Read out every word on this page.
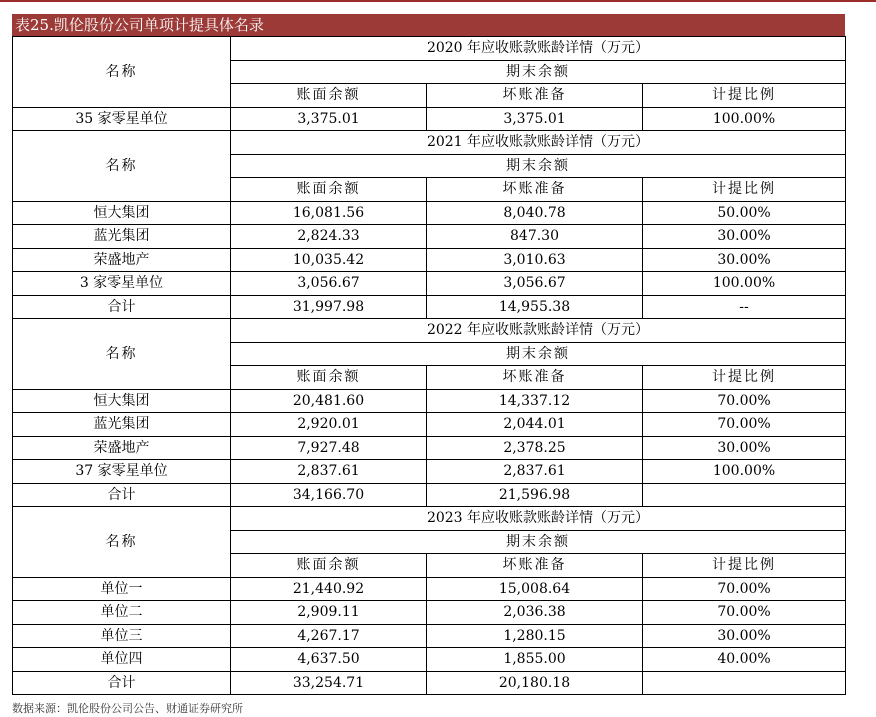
表25.凯伦股份公司单项计提具体名录
名称	2020 年应收账款账龄详情（万元）		
	期末余额		
	账面余额	坏账准备	计提比例
35 家零星单位	3,375.01	3,375.01	100.00%
名称	2021 年应收账款账龄详情（万元）		
	期末余额		
	账面余额	坏账准备	计提比例
恒大集团	16,081.56	8,040.78	50.00%
蓝光集团	2,824.33	847.30	30.00%
荣盛地产	10,035.42	3,010.63	30.00%
3 家零星单位	3,056.67	3,056.67	100.00%
合计	31,997.98	14,955.38	--
名称	2022 年应收账款账龄详情（万元）		
	期末余额		
	账面余额	坏账准备	计提比例
恒大集团	20,481.60	14,337.12	70.00%
蓝光集团	2,920.01	2,044.01	70.00%
荣盛地产	7,927.48	2,378.25	30.00%
37 家零星单位	2,837.61	2,837.61	100.00%
合计	34,166.70	21,596.98	
名称	2023 年应收账款账龄详情（万元）		
	期末余额		
	账面余额	坏账准备	计提比例
单位一	21,440.92	15,008.64	70.00%
单位二	2,909.11	2,036.38	70.00%
单位三	4,267.17	1,280.15	30.00%
单位四	4,637.50	1,855.00	40.00%
合计	33,254.71	20,180.18	
数据来源：凯伦股份公司公告、财通证券研究所
